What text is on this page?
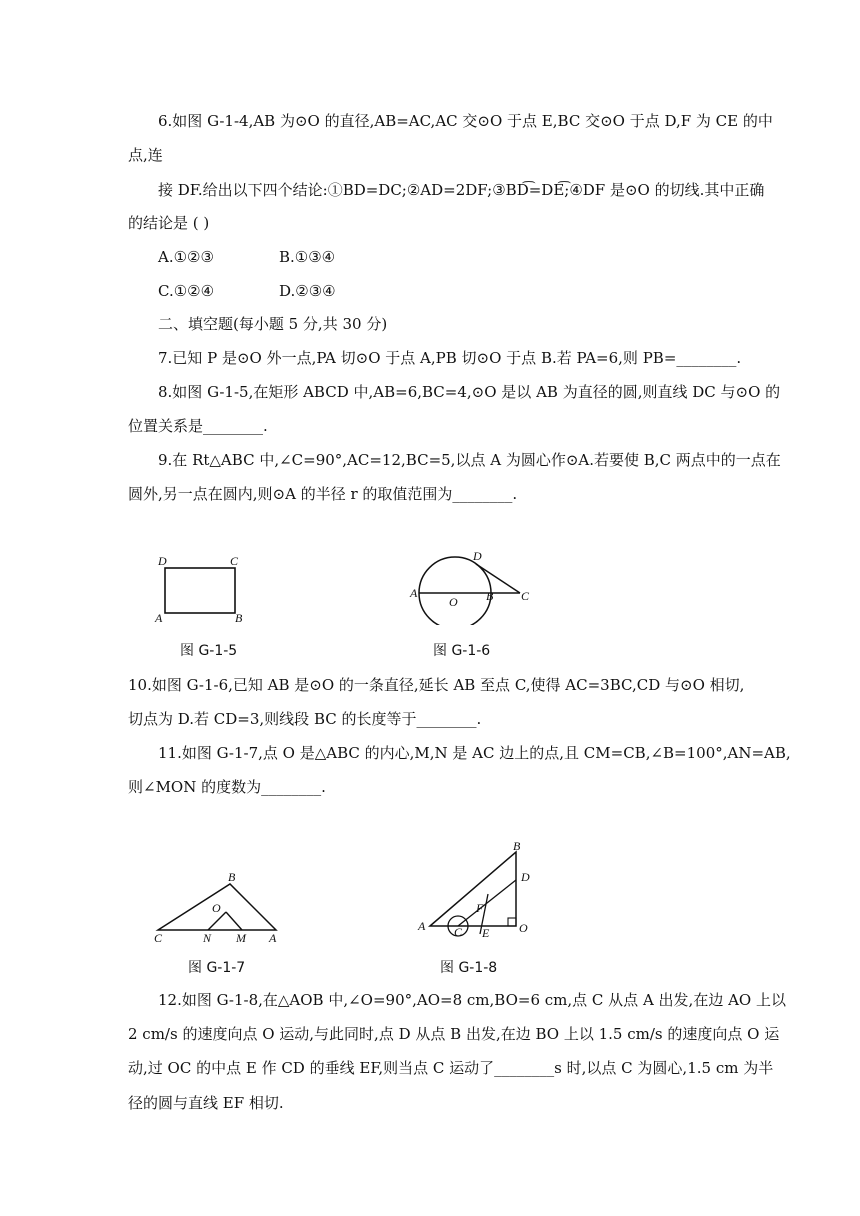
6.如图 G-1-4,AB 为⊙O 的直径,AB=AC,AC 交⊙O 于点 E,BC 交⊙O 于点 D,F 为 CE 的中
点,连
接 DF.给出以下四个结论:①BD=DC;②AD=2DF;③BD͡=DE͡;④DF 是⊙O 的切线.其中正确
的结论是 ( )
A.①②③	B.①③④
C.①②④	D.②③④
二、填空题(每小题 5 分,共 30 分)
7.已知 P 是⊙O 外一点,PA 切⊙O 于点 A,PB 切⊙O 于点 B.若 PA=6,则 PB=________.
8.如图 G-1-5,在矩形 ABCD 中,AB=6,BC=4,⊙O 是以 AB 为直径的圆,则直线 DC 与⊙O 的
位置关系是________.
9.在 Rt△ABC 中,∠C=90°,AC=12,BC=5,以点 A 为圆心作⊙A.若要使 B,C 两点中的一点在
圆外,另一点在圆内,则⊙A 的半径 r 的取值范围为________.
D	C
A	B
图 G-1-5
D
A
O B C
图 G-1-6
10.如图 G-1-6,已知 AB 是⊙O 的一条直径,延长 AB 至点 C,使得 AC=3BC,CD 与⊙O 相切,
切点为 D.若 CD=3,则线段 BC 的长度等于________.
11.如图 G-1-7,点 O 是△ABC 的内心,M,N 是 AC 边上的点,且 CM=CB,∠B=100°,AN=AB,
则∠MON 的度数为________.
B
O
C	N M A
图 G-1-7
B
D
F
A C E O
图 G-1-8
12.如图 G-1-8,在△AOB 中,∠O=90°,AO=8 cm,BO=6 cm,点 C 从点 A 出发,在边 AO 上以
2 cm/s 的速度向点 O 运动,与此同时,点 D 从点 B 出发,在边 BO 上以 1.5 cm/s 的速度向点 O 运
动,过 OC 的中点 E 作 CD 的垂线 EF,则当点 C 运动了________s 时,以点 C 为圆心,1.5 cm 为半
径的圆与直线 EF 相切.
